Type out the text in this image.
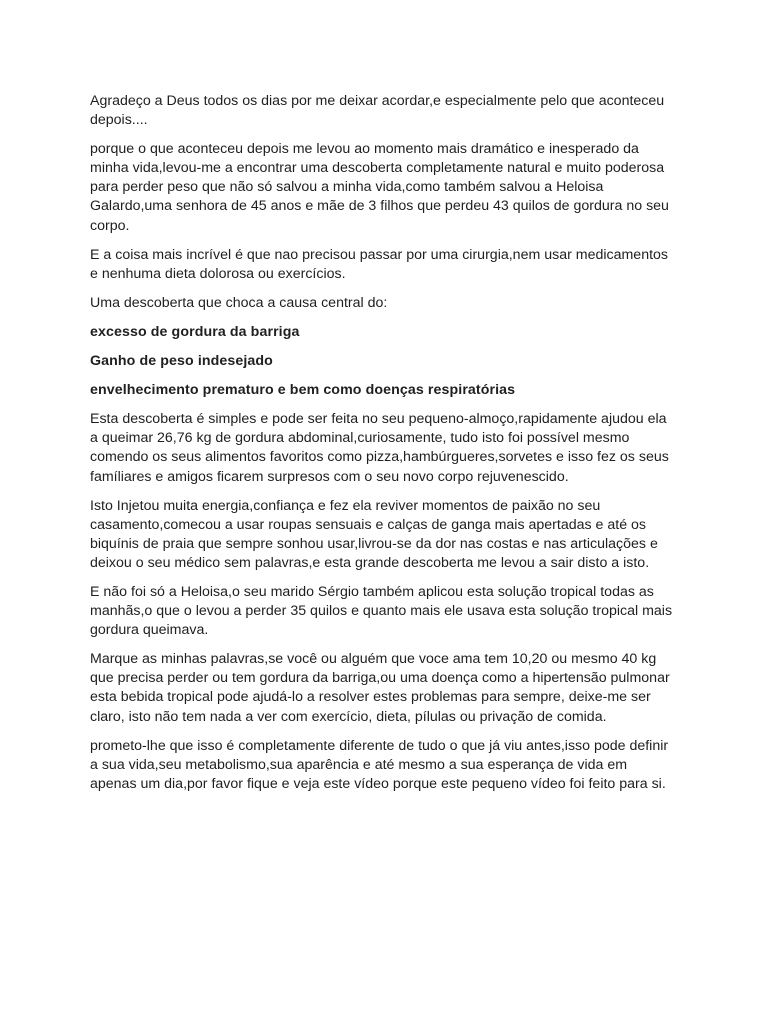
Agradeço a Deus todos os dias por me deixar acordar,e especialmente pelo que aconteceu depois....

porque o que aconteceu depois me levou ao momento mais dramático e inesperado da minha vida,levou-me a encontrar uma descoberta completamente natural e muito poderosa para perder peso que não só salvou a minha vida,como também salvou a Heloisa Galardo,uma senhora de 45 anos e mãe de 3 filhos que perdeu 43 quilos de gordura no seu corpo.

E a coisa mais incrível é que nao precisou passar por uma cirurgia,nem usar medicamentos e nenhuma dieta dolorosa ou exercícios.

Uma descoberta que choca a causa central do:

excesso de gordura da barriga

Ganho de peso indesejado

envelhecimento prematuro e bem como doenças respiratórias

Esta descoberta é simples e pode ser feita no seu pequeno-almoço,rapidamente ajudou ela a queimar 26,76 kg de gordura abdominal,curiosamente, tudo isto foi possível mesmo comendo os seus alimentos favoritos como pizza,hambúrgueres,sorvetes e isso fez os seus famíliares e amigos ficarem surpresos com o seu novo corpo rejuvenescido.

Isto Injetou muita energia,confiança e fez ela reviver momentos de paixão no seu casamento,comecou a usar roupas sensuais e calças de ganga mais apertadas e até os biquínis de praia que sempre sonhou usar,livrou-se da dor nas costas e nas articulações e deixou o seu médico sem palavras,e esta grande descoberta me levou a sair disto a isto.

E não foi só a Heloisa,o seu marido Sérgio também aplicou esta solução tropical todas as manhãs,o que o levou a perder 35 quilos e quanto mais ele usava esta solução tropical mais gordura queimava.

Marque as minhas palavras,se você ou alguém que voce ama tem 10,20 ou mesmo 40 kg que precisa perder ou tem gordura da barriga,ou uma doença como a hipertensão pulmonar esta bebida tropical pode ajudá-lo a resolver estes problemas para sempre, deixe-me ser claro, isto não tem nada a ver com exercício, dieta, pílulas ou privação de comida.

prometo-lhe que isso é completamente diferente de tudo o que já viu antes,isso pode definir a sua vida,seu metabolismo,sua aparência e até mesmo a sua esperança de vida em apenas um dia,por favor fique e veja este vídeo porque este pequeno vídeo foi feito para si.
